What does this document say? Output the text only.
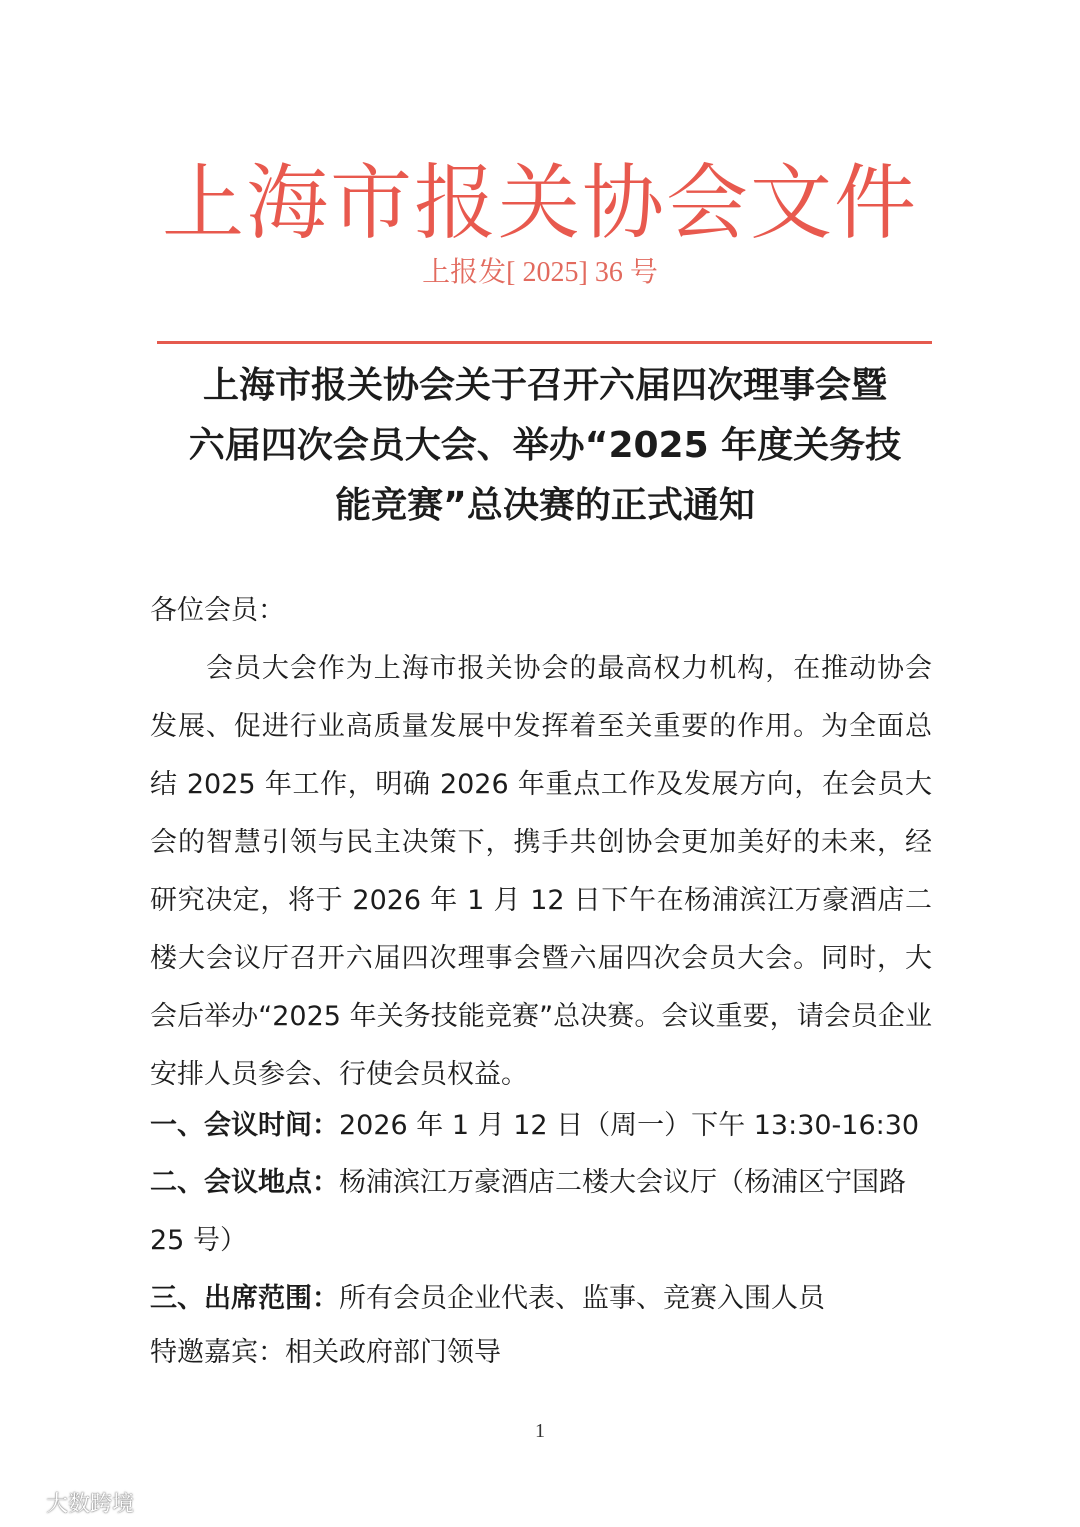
上海市报关协会文件
上报发[ 2025] 36 号
上海市报关协会关于召开六届四次理事会暨
六届四次会员大会、举办“2025 年度关务技
能竞赛”总决赛的正式通知
各位会员：
会员大会作为上海市报关协会的最高权力机构，在推动协会发展、促进行业高质量发展中发挥着至关重要的作用。为全面总结 2025 年工作，明确 2026 年重点工作及发展方向，在会员大会的智慧引领与民主决策下，携手共创协会更加美好的未来，经研究决定，将于 2026 年 1 月 12 日下午在杨浦滨江万豪酒店二楼大会议厅召开六届四次理事会暨六届四次会员大会。同时，大会后举办“2025 年关务技能竞赛”总决赛。会议重要，请会员企业安排人员参会、行使会员权益。
一、会议时间：2026 年 1 月 12 日（周一）下午 13:30-16:30
二、会议地点：杨浦滨江万豪酒店二楼大会议厅（杨浦区宁国路 25 号）
三、出席范围：所有会员企业代表、监事、竞赛入围人员
特邀嘉宾：相关政府部门领导
1
大数跨境
